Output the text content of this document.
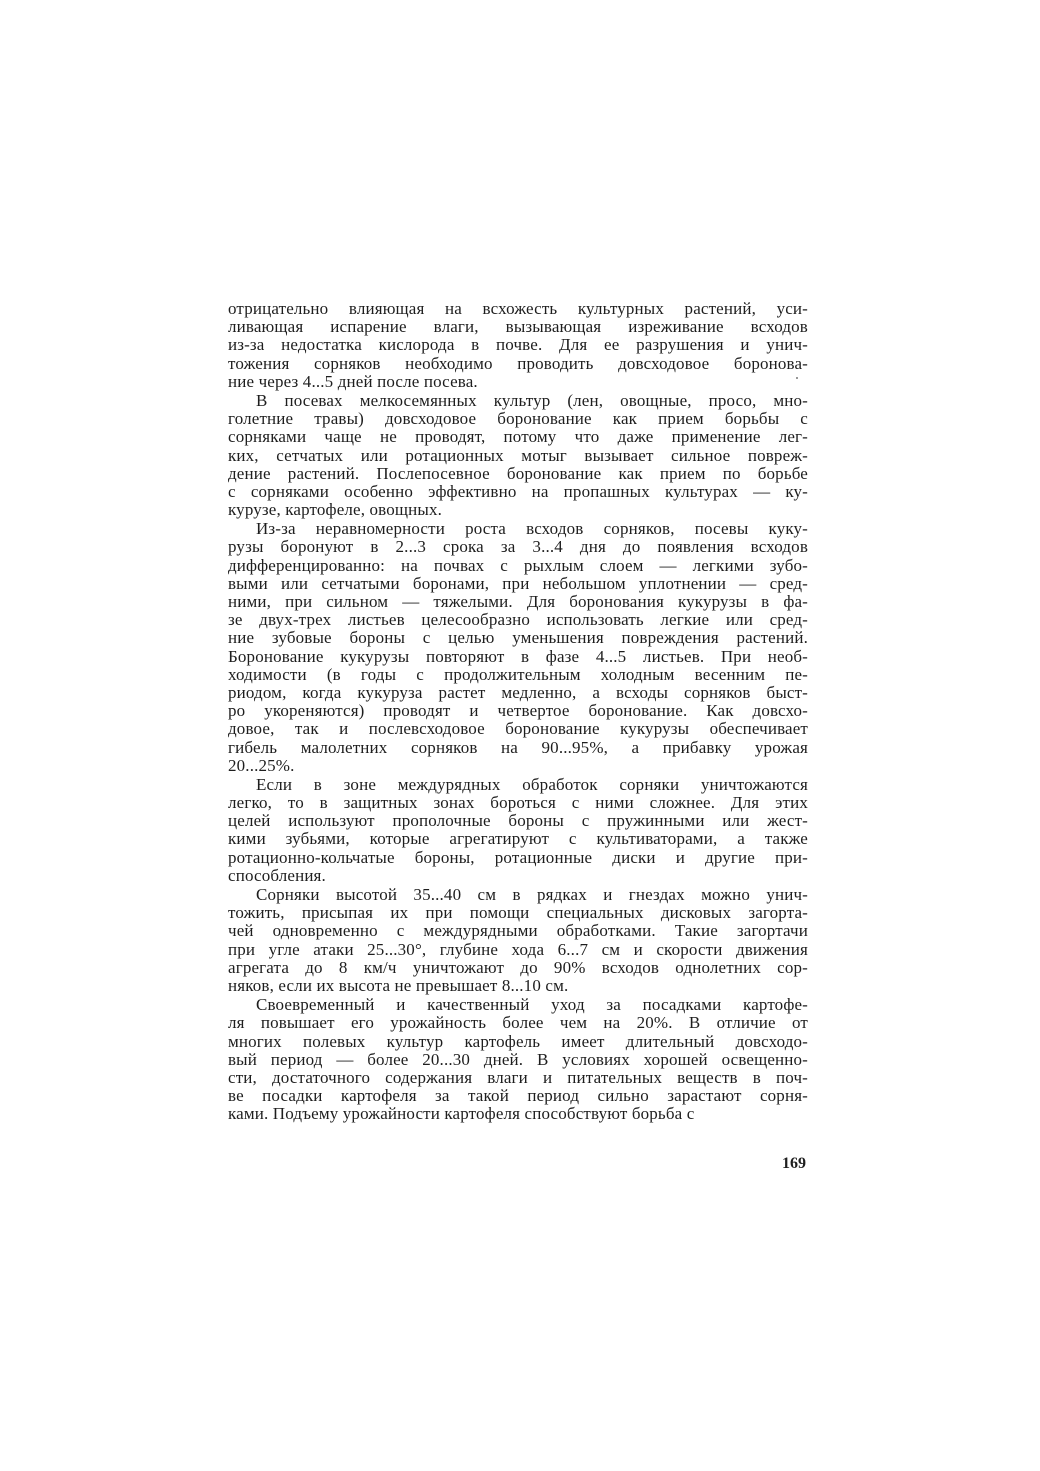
отрицательно влияющая на всхожесть культурных растений, уси-
ливающая испарение влаги, вызывающая изреживание всходов
из-за недостатка кислорода в почве. Для ее разрушения и унич-
тожения сорняков необходимо проводить довсходовое боронова-
ние через 4...5 дней после посева.
В посевах мелкосемянных культур (лен, овощные, просо, мно-
голетние травы) довсходовое боронование как прием борьбы с
сорняками чаще не проводят, потому что даже применение лег-
ких, сетчатых или ротационных мотыг вызывает сильное повреж-
дение растений. Послепосевное боронование как прием по борьбе
с сорняками особенно эффективно на пропашных культурах — ку-
курузе, картофеле, овощных.
Из-за неравномерности роста всходов сорняков, посевы куку-
рузы боронуют в 2...3 срока за 3...4 дня до появления всходов
дифференцированно: на почвах с рыхлым слоем — легкими зубо-
выми или сетчатыми боронами, при небольшом уплотнении — сред-
ними, при сильном — тяжелыми. Для боронования кукурузы в фа-
зе двух-трех листьев целесообразно использовать легкие или сред-
ние зубовые бороны с целью уменьшения повреждения растений.
Боронование кукурузы повторяют в фазе 4...5 листьев. При необ-
ходимости (в годы с продолжительным холодным весенним пе-
риодом, когда кукуруза растет медленно, а всходы сорняков быст-
ро укореняются) проводят и четвертое боронование. Как довсхо-
довое, так и послевсходовое боронование кукурузы обеспечивает
гибель малолетних сорняков на 90...95%, а прибавку урожая
20...25%.
Если в зоне междурядных обработок сорняки уничтожаются
легко, то в защитных зонах бороться с ними сложнее. Для этих
целей используют прополочные бороны с пружинными или жест-
кими зубьями, которые агрегатируют с культиваторами, а также
ротационно-кольчатые бороны, ротационные диски и другие при-
способления.
Сорняки высотой 35...40 см в рядках и гнездах можно унич-
тожить, присыпая их при помощи специальных дисковых загорта-
чей одновременно с междурядными обработками. Такие загортачи
при угле атаки 25...30°, глубине хода 6...7 см и скорости движения
агрегата до 8 км/ч уничтожают до 90% всходов однолетних сор-
няков, если их высота не превышает 8...10 см.
Своевременный и качественный уход за посадками картофе-
ля повышает его урожайность более чем на 20%. В отличие от
многих полевых культур картофель имеет длительный довсходо-
вый период — более 20...30 дней. В условиях хорошей освещенно-
сти, достаточного содержания влаги и питательных веществ в поч-
ве посадки картофеля за такой период сильно зарастают сорня-
ками. Подъему урожайности картофеля способствуют борьба с
169
